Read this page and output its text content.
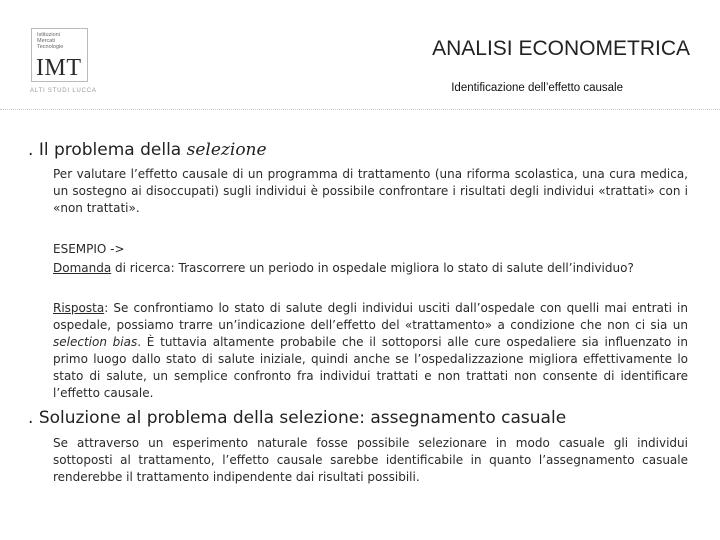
Istituzioni
Mercati
Tecnologie
IMT
ALTI STUDI LUCCA
ANALISI ECONOMETRICA
Identificazione dell’effetto causale
. Il problema della selezione
Per valutare l’effetto causale di un programma di trattamento (una riforma scolastica, una cura medica, un sostegno ai disoccupati) sugli individui è possibile confrontare i risultati degli individui «trattati» con i «non trattati».
ESEMPIO ->
Domanda di ricerca: Trascorrere un periodo in ospedale migliora lo stato di salute dell’individuo?
Risposta: Se confrontiamo lo stato di salute degli individui usciti dall’ospedale con quelli mai entrati in ospedale, possiamo trarre un’indicazione dell’effetto del «trattamento» a condizione che non ci sia un selection bias. È tuttavia altamente probabile che il sottoporsi alle cure ospedaliere sia influenzato in primo luogo dallo stato di salute iniziale, quindi anche se l’ospedalizzazione migliora effettivamente lo stato di salute, un semplice confronto fra individui trattati e non trattati non consente di identificare l’effetto causale.
. Soluzione al problema della selezione: assegnamento casuale
Se attraverso un esperimento naturale fosse possibile selezionare in modo casuale gli individui sottoposti al trattamento, l’effetto causale sarebbe identificabile in quanto l’assegnamento casuale renderebbe il trattamento indipendente dai risultati possibili.
